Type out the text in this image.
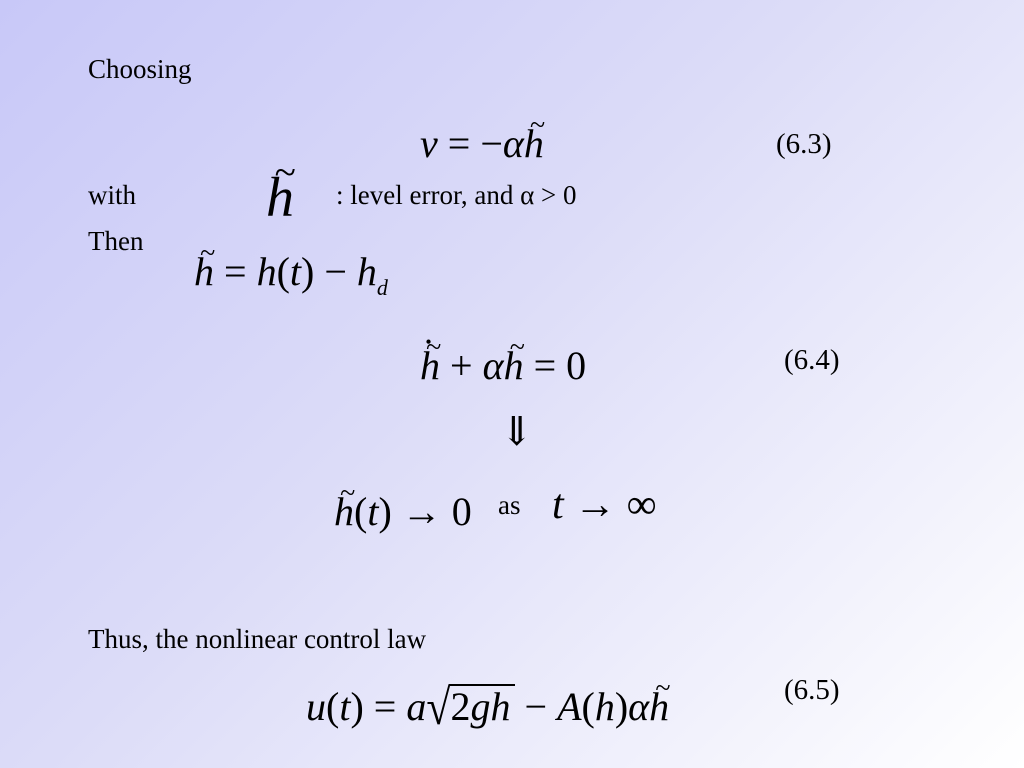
Choosing
v = −α~ h	(6.3)
with
~ h : level error, and α > 0
Then
~ $h = h(t) - h_d$
~ h • + α~ h = 0	(6.4)
⇓
~ h(t) → 0 as t → ∞
Thus, the nonlinear control law
u(t) = a√2gh − A(h)α~ h	(6.5)
